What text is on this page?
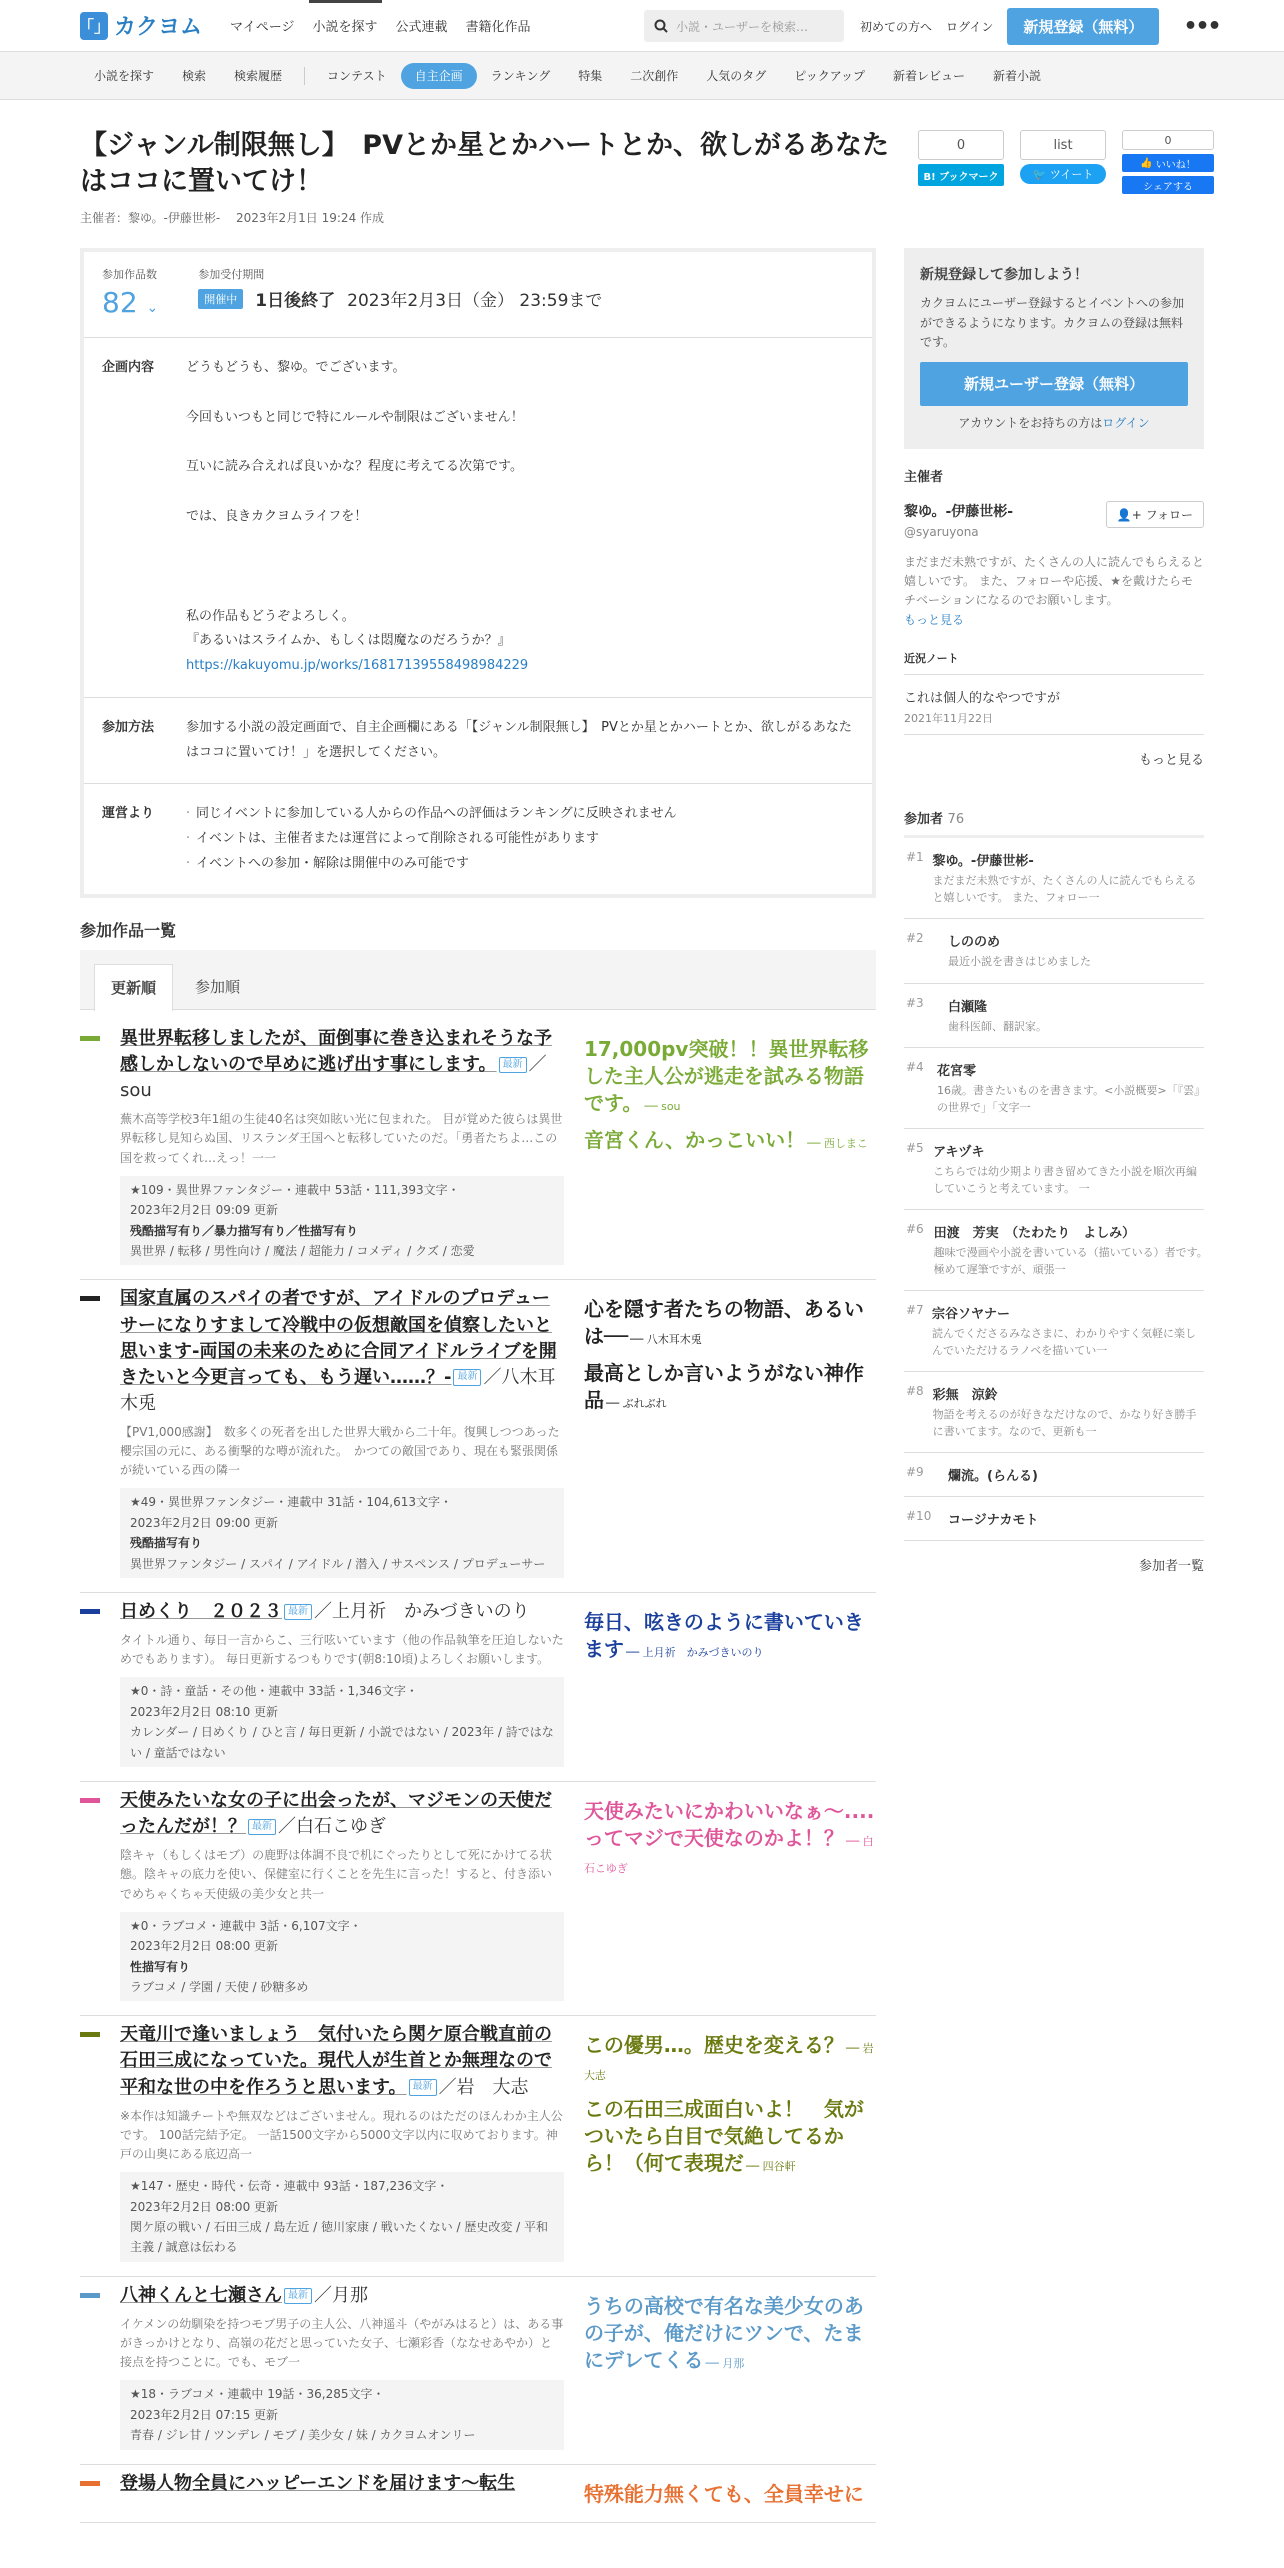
「」 カクヨム マイページ 小説を探す 公式連載 書籍化作品	小説・ユーザーを検索…	初めての方へ ログイン	新規登録（無料）	•••
小説を探す	検索	検索履歴	コンテスト	自主企画	ランキング	特集	二次創作	人気のタグ	ピックアップ	新着レビュー	新着小説
【ジャンル制限無し】　PVとか星とかハートとか、欲しがるあなたはココに置いてけ！
主催者：黎ゆ。-伊藤世彬-　 2023年2月1日 19:24 作成
0
B! ブックマーク
list
🐦 ツイート
0
👍 いいね！
シェアする
参加作品数
82 ⌄
参加受付期間
開催中	1日後終了 2023年2月3日（金） 23:59まで
企画内容	どうもどうも、黎ゆ。でございます。

今回もいつもと同じで特にルールや制限はございません！

互いに読み合えれば良いかな？程度に考えてる次第です。

では、良きカクヨムライフを！

私の作品もどうぞよろしく。

『あるいはスライムか、もしくは悶魔なのだろうか？』

https://kakuyomu.jp/works/16817139558498984229

参加方法	参加する小説の設定画面で、自主企画欄にある「【ジャンル制限無し】　PVとか星とかハートとか、欲しがるあなたはココに置いてけ！」を選択してください。
運営より
·	同じイベントに参加している人からの作品への評価はランキングに反映されません
· イベントは、主催者または運営によって削除される可能性があります
· イベントへの参加・解除は開催中のみ可能です
参加作品一覧
更新順	参加順
異世界転移しましたが、面倒事に巻き込まれそうな予感しかしないので早めに逃げ出す事にします。 最新 ／sou

蕪木高等学校3年1組の生徒40名は突如眩い光に包まれた。 目が覚めた彼らは異世界転移し見知らぬ国、リスランダ王国へと転移していたのだ。「勇者たちよ…この国を救ってくれ…えっ！一一

★109・異世界ファンタジー・連載中 53話・111,393文字・
2023年2月2日 09:09 更新
残酷描写有り／暴力描写有り／性描写有り
異世界 / 転移 / 男性向け / 魔法 / 超能力 / コメディ / クズ / 恋愛
17,000pv突破！！異世界転移した主人公が逃走を試みる物語です。 ── sou
音宮くん、かっこいい！ ── 西しまこ
国家直属のスパイの者ですが、アイドルのプロデューサーになりすまして冷戦中の仮想敵国を偵察したいと思います-両国の未来のために合同アイドルライブを開きたいと今更言っても、もう遅い……？- 最新 ／八木耳木兎

【PV1,000感謝】　数多くの死者を出した世界大戦から二十年。復興しつつあった櫻宗国の元に、ある衝撃的な噂が流れた。　かつての敵国であり、現在も緊張関係が続いている西の隣一

★49・異世界ファンタジー・連載中 31話・104,613文字・
2023年2月2日 09:00 更新
残酷描写有り
異世界ファンタジー / スパイ / アイドル / 潜入 / サスペンス / プロデューサー
心を隠す者たちの物語、あるいは── ── 八木耳木兎
最高としか言いようがない神作品 ── ぶれぶれ
日めくり　２０２３ 最新 ／上月祈　かみづきいのり

タイトル通り、毎日一言からこ、三行呟いています（他の作品執筆を圧迫しないためでもあります）。 毎日更新するつもりです(朝8:10頃)よろしくお願いします。

★0・詩・童話・その他・連載中 33話・1,346文字・
2023年2月2日 08:10 更新
カレンダー / 日めくり / ひと言 / 毎日更新 / 小説ではない / 2023年 / 詩ではない / 童話ではない
毎日、呟きのように書いていきます ── 上月祈　かみづきいのり
天使みたいな女の子に出会ったが、マジモンの天使だったんだが！？ 最新 ／白石こゆぎ

陰キャ（もしくはモブ）の鹿野は体調不良で机にぐったりとして死にかけてる状態。陰キャの底力を使い、保健室に行くことを先生に言った！すると、付き添いでめちゃくちゃ天使級の美少女と共一

★0・ラブコメ・連載中 3話・6,107文字・
2023年2月2日 08:00 更新
性描写有り
ラブコメ / 学園 / 天使 / 砂糖多め
天使みたいにかわいいなぁ〜....ってマジで天使なのかよ！？ ── 白石こゆぎ
天竜川で逢いましょう　気付いたら関ケ原合戦直前の石田三成になっていた。現代人が生首とか無理なので平和な世の中を作ろうと思います。 最新 ／岩　大志

※本作は知識チートや無双などはございません。現れるのはただのほんわか主人公です。 100話完結予定。 一話1500文字から5000文字以内に収めております。神戸の山奥にある底辺高一

★147・歴史・時代・伝奇・連載中 93話・187,236文字・
2023年2月2日 08:00 更新
関ケ原の戦い / 石田三成 / 島左近 / 徳川家康 / 戦いたくない / 歴史改変 / 平和主義 / 誠意は伝わる
この優男…。歴史を変える？ ── 岩　大志
この石田三成面白いよ！　気がついたら白目で気絶してるから！（何て表現だ ── 四谷軒
八神くんと七瀬さん 最新 ／月那

イケメンの幼馴染を持つモブ男子の主人公、八神遥斗（やがみはると）は、ある事がきっかけとなり、高嶺の花だと思っていた女子、七瀬彩香（ななせあやか）と接点を持つことに。でも、モブ一

★18・ラブコメ・連載中 19話・36,285文字・
2023年2月2日 07:15 更新
青春 / ジレ甘 / ツンデレ / モブ / 美少女 / 妹 / カクヨムオンリー
うちの高校で有名な美少女のあの子が、俺だけにツンで、たまにデレてくる ── 月那
登場人物全員にハッピーエンドを届けます〜転生	特殊能力無くても、全員幸せに
新規登録して参加しよう！

カクヨムにユーザー登録するとイベントへの参加ができるようになります。カクヨムの登録は無料です。

新規ユーザー登録（無料）

アカウントをお持ちの方はログイン

主催者
黎ゆ。-伊藤世彬-
@syaruyona
👤+ フォロー

まだまだ未熟ですが、たくさんの人に読んでもらえると嬉しいです。 また、フォローや応援、★を戴けたらモチベーションになるのでお願いします。

もっと見る
近況ノート
これは個人的なやつですが
2021年11月22日
もっと見る
参加者 76
#1 黎ゆ。-伊藤世彬-
まだまだ未熟ですが、たくさんの人に読んでもらえると嬉しいです。 また、フォロー一
#2	しののめ
最近小説を書きはじめました
#3	白瀬隆
歯科医師、翻訳家。
#4	花宮零
16歳。書きたいものを書きます。<小説概要>「『雲』の世界で」「文字一
#5 アキヅキ
こちらでは幼少期より書き留めてきた小説を順次再編していこうと考えています。 一
#6 田渡　芳実　（たわたり　よしみ）
趣味で漫画や小説を書いている（描いている）者です。　極めて遅筆ですが、頑張一
#7 宗谷ソヤナー
読んでくださるみなさまに、わかりやすく気軽に楽しんでいただけるラノベを描いてい一
#8 彩無　涼鈴
物語を考えるのが好きなだけなので、かなり好き勝手に書いてます。なので、更新も一
#9	爛流。(らんる)
#10	コージナカモト
参加者一覧
